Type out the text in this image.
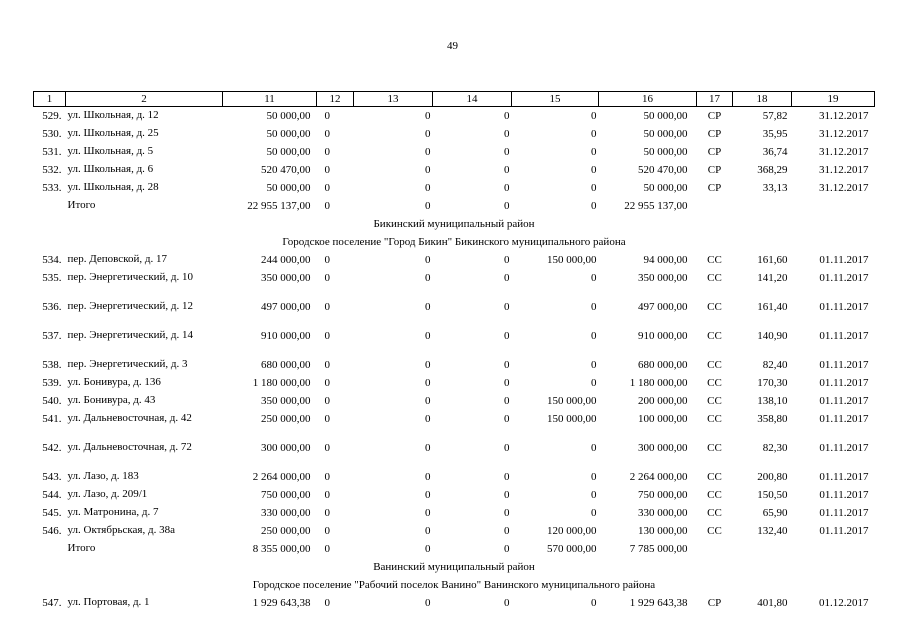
49
1	2	11	12	13	14	15	16	17	18	19
529.	ул. Школьная, д. 12	50 000,00	0	0	0	0	50 000,00	СР	57,82	31.12.2017
530.	ул. Школьная, д. 25	50 000,00	0	0	0	0	50 000,00	СР	35,95	31.12.2017
531.	ул. Школьная, д. 5	50 000,00	0	0	0	0	50 000,00	СР	36,74	31.12.2017
532.	ул. Школьная, д. 6	520 470,00	0	0	0	0	520 470,00	СР	368,29	31.12.2017
533.	ул. Школьная, д. 28	50 000,00	0	0	0	0	50 000,00	СР	33,13	31.12.2017
	Итого	22 955 137,00	0	0	0	0	22 955 137,00			
Бикинский муниципальный район										
Городское поселение "Город Бикин" Бикинского муниципального района										
534.	пер. Деповской, д. 17	244 000,00	0	0	0	150 000,00	94 000,00	СС	161,60	01.11.2017
535.	пер. Энергетический, д. 10	350 000,00	0	0	0	0	350 000,00	СС	141,20	01.11.2017
536.	пер. Энергетический, д. 12	497 000,00	0	0	0	0	497 000,00	СС	161,40	01.11.2017
537.	пер. Энергетический, д. 14	910 000,00	0	0	0	0	910 000,00	СС	140,90	01.11.2017
538.	пер. Энергетический, д. 3	680 000,00	0	0	0	0	680 000,00	СС	82,40	01.11.2017
539.	ул. Бонивура, д. 136	1 180 000,00	0	0	0	0	1 180 000,00	СС	170,30	01.11.2017
540.	ул. Бонивура, д. 43	350 000,00	0	0	0	150 000,00	200 000,00	СС	138,10	01.11.2017
541.	ул. Дальневосточная, д. 42	250 000,00	0	0	0	150 000,00	100 000,00	СС	358,80	01.11.2017
542.	ул. Дальневосточная, д. 72	300 000,00	0	0	0	0	300 000,00	СС	82,30	01.11.2017
543.	ул. Лазо, д. 183	2 264 000,00	0	0	0	0	2 264 000,00	СС	200,80	01.11.2017
544.	ул. Лазо, д. 209/1	750 000,00	0	0	0	0	750 000,00	СС	150,50	01.11.2017
545.	ул. Матронина, д. 7	330 000,00	0	0	0	0	330 000,00	СС	65,90	01.11.2017
546.	ул. Октябрьская, д. 38а	250 000,00	0	0	0	120 000,00	130 000,00	СС	132,40	01.11.2017
	Итого	8 355 000,00	0	0	0	570 000,00	7 785 000,00			
Ванинский муниципальный район										
Городское поселение "Рабочий поселок Ванино" Ванинского муниципального района										
547.	ул. Портовая, д. 1	1 929 643,38	0	0	0	0	1 929 643,38	СР	401,80	01.12.2017
